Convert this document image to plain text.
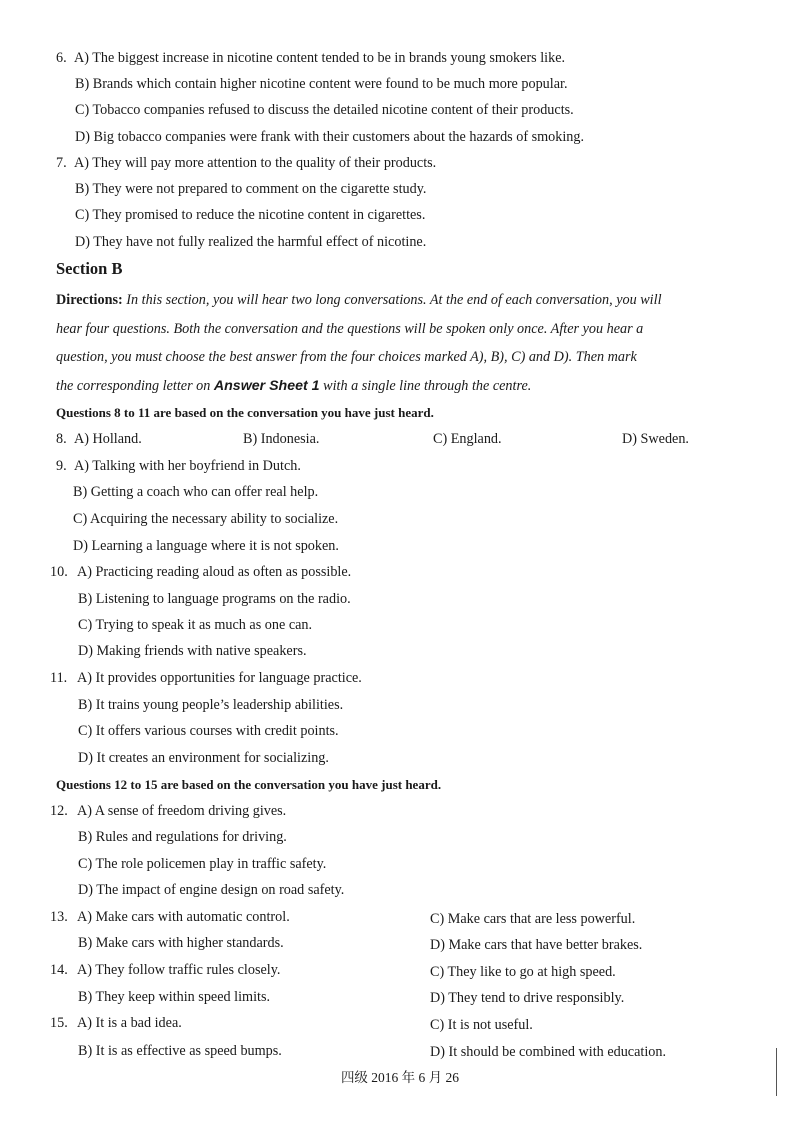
6. A) The biggest increase in nicotine content tended to be in brands young smokers like.
B) Brands which contain higher nicotine content were found to be much more popular.
C) Tobacco companies refused to discuss the detailed nicotine content of their products.
D) Big tobacco companies were frank with their customers about the hazards of smoking.
7. A) They will pay more attention to the quality of their products.
B) They were not prepared to comment on the cigarette study.
C) They promised to reduce the nicotine content in cigarettes.
D) They have not fully realized the harmful effect of nicotine.
Section B
Directions: In this section, you will hear two long conversations. At the end of each conversation, you will
hear four questions. Both the conversation and the questions will be spoken only once. After you hear a
question, you must choose the best answer from the four choices marked A), B), C) and D). Then mark
the corresponding letter on Answer Sheet 1 with a single line through the centre.
Questions 8 to 11 are based on the conversation you have just heard.
8. A) Holland.	B) Indonesia.	C) England.	D) Sweden.
9. A) Talking with her boyfriend in Dutch.
B) Getting a coach who can offer real help.
C) Acquiring the necessary ability to socialize.
D) Learning a language where it is not spoken.
10. A) Practicing reading aloud as often as possible.
B) Listening to language programs on the radio.
C) Trying to speak it as much as one can.
D) Making friends with native speakers.
11. A) It provides opportunities for language practice.
B) It trains young people’s leadership abilities.
C) It offers various courses with credit points.
D) It creates an environment for socializing.
Questions 12 to 15 are based on the conversation you have just heard.
12. A) A sense of freedom driving gives.
B) Rules and regulations for driving.
C) The role policemen play in traffic safety.
D) The impact of engine design on road safety.
13. A) Make cars with automatic control.
B) Make cars with higher standards.
C) Make cars that are less powerful.
D) Make cars that have better brakes.
14. A) They follow traffic rules closely.
B) They keep within speed limits.
C) They like to go at high speed.
D) They tend to drive responsibly.
15. A) It is a bad idea.
B) It is as effective as speed bumps.
C) It is not useful.
D) It should be combined with education.
四级 2016 年 6 月 26
